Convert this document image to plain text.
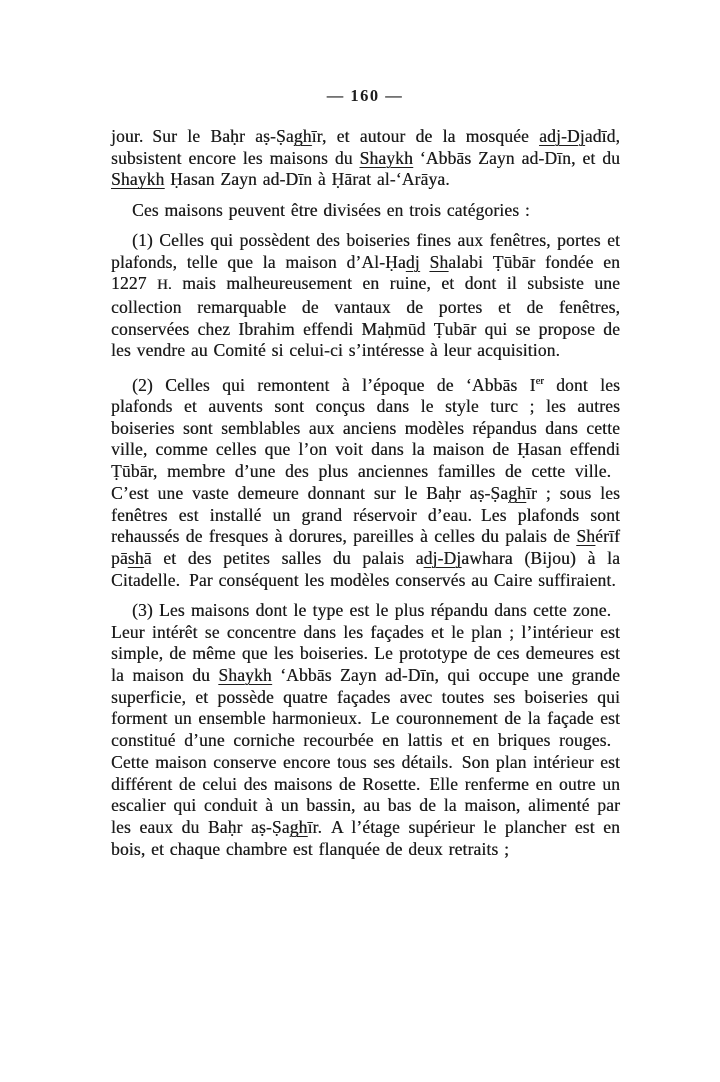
— 160 —

jour. Sur le Baḥr aṣ-Ṣaghīr, et autour de la mosquée adj-Djadīd, subsistent encore les maisons du Shaykh ‘Abbās Zayn ad-Dīn, et du Shaykh Ḥasan Zayn ad-Dīn à Ḥārat al-‘Arāya.

Ces maisons peuvent être divisées en trois catégories :

(1) Celles qui possèdent des boiseries fines aux fenêtres, portes et plafonds, telle que la maison d’Al-Ḥadj Shalabi Ṭūbār fondée en 1227 H. mais malheureusement en ruine, et dont il subsiste une collection remarquable de vantaux de portes et de fenêtres, conservées chez Ibrahim effendi Maḥmūd Ṭubār qui se propose de les vendre au Comité si celui-ci s’intéresse à leur acquisition.

(2) Celles qui remontent à l’époque de ‘Abbās Ier dont les plafonds et auvents sont conçus dans le style turc ; les autres boiseries sont semblables aux anciens modèles répandus dans cette ville, comme celles que l’on voit dans la maison de Ḥasan effendi Ṭūbār, membre d’une des plus anciennes familles de cette ville. C’est une vaste demeure donnant sur le Baḥr aṣ-Ṣaghīr ; sous les fenêtres est installé un grand réservoir d’eau. Les plafonds sont rehaussés de fresques à dorures, pareilles à celles du palais de Shérīf pāshā et des petites salles du palais adj-Djawhara (Bijou) à la Citadelle. Par conséquent les modèles conservés au Caire suffiraient.

(3) Les maisons dont le type est le plus répandu dans cette zone. Leur intérêt se concentre dans les façades et le plan ; l’intérieur est simple, de même que les boiseries. Le prototype de ces demeures est la maison du Shaykh ‘Abbās Zayn ad-Dīn, qui occupe une grande superficie, et possède quatre façades avec toutes ses boiseries qui forment un ensemble harmonieux. Le couronnement de la façade est constitué d’une corniche recourbée en lattis et en briques rouges. Cette maison conserve encore tous ses détails. Son plan intérieur est différent de celui des maisons de Rosette. Elle renferme en outre un escalier qui conduit à un bassin, au bas de la maison, alimenté par les eaux du Baḥr aṣ-Ṣaghīr. A l’étage supérieur le plancher est en bois, et chaque chambre est flanquée de deux retraits ;
